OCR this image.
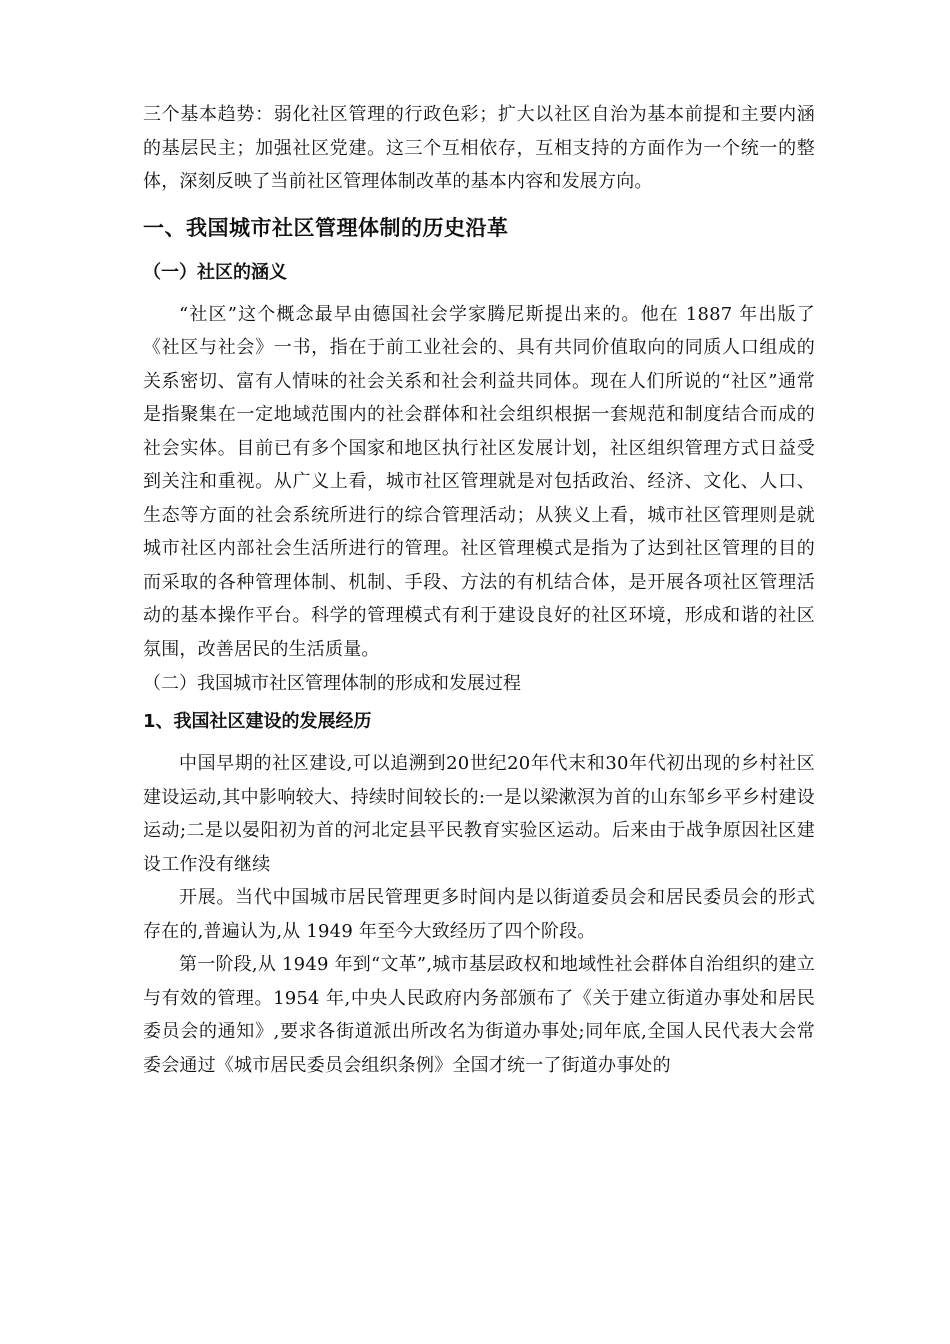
三个基本趋势：弱化社区管理的行政色彩；扩大以社区自治为基本前提和主要内涵的基层民主；加强社区党建。这三个互相依存，互相支持的方面作为一个统一的整体，深刻反映了当前社区管理体制改革的基本内容和发展方向。

一、我国城市社区管理体制的历史沿革
（一）社区的涵义

“社区”这个概念最早由德国社会学家腾尼斯提出来的。他在 1887 年出版了《社区与社会》一书，指在于前工业社会的、具有共同价值取向的同质人口组成的关系密切、富有人情味的社会关系和社会利益共同体。现在人们所说的“社区”通常是指聚集在一定地域范围内的社会群体和社会组织根据一套规范和制度结合而成的社会实体。目前已有多个国家和地区执行社区发展计划，社区组织管理方式日益受到关注和重视。从广义上看，城市社区管理就是对包括政治、经济、文化、人口、生态等方面的社会系统所进行的综合管理活动；从狭义上看，城市社区管理则是就城市社区内部社会生活所进行的管理。社区管理模式是指为了达到社区管理的目的而采取的各种管理体制、机制、手段、方法的有机结合体，是开展各项社区管理活动的基本操作平台。科学的管理模式有利于建设良好的社区环境，形成和谐的社区氛围，改善居民的生活质量。

（二）我国城市社区管理体制的形成和发展过程
1、我国社区建设的发展经历

中国早期的社区建设,可以追溯到20世纪20年代末和30年代初出现的乡村社区建设运动,其中影响较大、持续时间较长的:一是以梁漱溟为首的山东邹乡平乡村建设运动;二是以晏阳初为首的河北定县平民教育实验区运动。后来由于战争原因社区建设工作没有继续

开展。当代中国城市居民管理更多时间内是以街道委员会和居民委员会的形式存在的,普遍认为,从 1949 年至今大致经历了四个阶段。

第一阶段,从 1949 年到“文革”,城市基层政权和地域性社会群体自治组织的建立与有效的管理。1954 年,中央人民政府内务部颁布了《关于建立街道办事处和居民委员会的通知》,要求各街道派出所改名为街道办事处;同年底,全国人民代表大会常委会通过《城市居民委员会组织条例》全国才统一了街道办事处的
